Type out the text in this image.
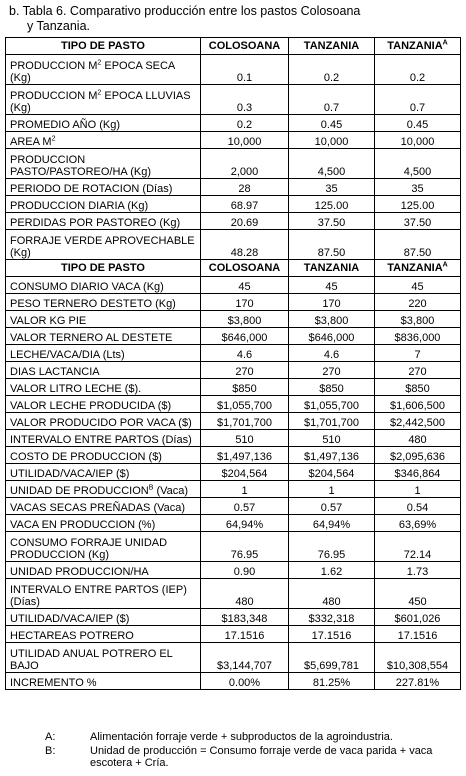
b. Tabla 6. Comparativo producción entre los pastos Colosoana
y Tanzania.
TIPO DE PASTO	COLOSOANA	TANZANIA	$TANZANIA^A$
PRODUCCION $M^2$ EPOCA SECA (Kg)	0.1	0.2	0.2
PRODUCCION $M^2$ EPOCA LLUVIAS (Kg)	0.3	0.7	0.7
PROMEDIO AÑO (Kg)	0.2	0.45	0.45
AREA $M^2$	10,000	10,000	10,000
PRODUCCION PASTO/PASTOREO/HA (Kg)	2,000	4,500	4,500
PERIODO DE ROTACION (Días)	28	35	35
PRODUCCION DIARIA (Kg)	68.97	125.00	125.00
PERDIDAS POR PASTOREO (Kg)	20.69	37.50	37.50
FORRAJE VERDE APROVECHABLE (Kg)	48.28	87.50	87.50
TIPO DE PASTO	COLOSOANA	TANZANIA	$TANZANIA^A$
CONSUMO DIARIO VACA (Kg)	45	45	45
PESO TERNERO DESTETO (Kg)	170	170	220
VALOR KG PIE	$3,800	$3,800	$3,800
VALOR TERNERO AL DESTETE	$646,000	$646,000	$836,000
LECHE/VACA/DIA (Lts)	4.6	4.6	7
DIAS LACTANCIA	270	270	270
VALOR LITRO LECHE ($).	$850	$850	$850
VALOR LECHE PRODUCIDA ($)	$1,055,700	$1,055,700	$1,606,500
VALOR PRODUCIDO POR VACA ($)	$1,701,700	$1,701,700	$2,442,500
INTERVALO ENTRE PARTOS (Días)	510	510	480
COSTO DE PRODUCCION ($)	$1,497,136	$1,497,136	$2,095,636
UTILIDAD/VACA/IEP ($)	$204,564	$204,564	$346,864
UNIDAD DE $PRODUCCION^B$ (Vaca)	1	1	1
VACAS SECAS PREÑADAS (Vaca)	0.57	0.57	0.54
VACA EN PRODUCCION (%)	64,94%	64,94%	63,69%
CONSUMO FORRAJE UNIDAD PRODUCCION (Kg)	76.95	76.95	72.14
UNIDAD PRODUCCION/HA	0.90	1.62	1.73
INTERVALO ENTRE PARTOS (IEP) (Días)	480	480	450
UTILIDAD/VACA/IEP ($)	$183,348	$332,318	$601,026
HECTAREAS POTRERO	17.1516	17.1516	17.1516
UTILIDAD ANUAL POTRERO EL BAJO	$3,144,707	$5,699,781	$10,308,554
INCREMENTO %	0.00%	81.25%	227.81%
A:	Alimentación forraje verde + subproductos de la agroindustria.
B:	Unidad de producción = Consumo forraje verde de vaca parida + vaca escotera + Cría.
